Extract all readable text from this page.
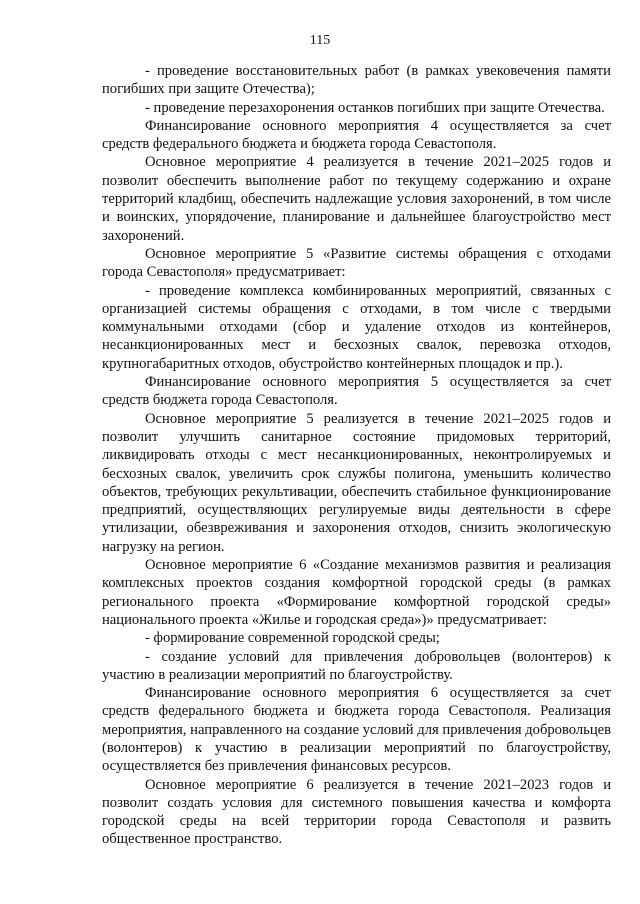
115

- проведение восстановительных работ (в рамках увековечения памяти погибших при защите Отечества);

- проведение перезахоронения останков погибших при защите Отечества.

Финансирование основного мероприятия 4 осуществляется за счет средств федерального бюджета и бюджета города Севастополя.

Основное мероприятие 4 реализуется в течение 2021–2025 годов и позволит обеспечить выполнение работ по текущему содержанию и охране территорий кладбищ, обеспечить надлежащие условия захоронений, в том числе и воинских, упорядочение, планирование и дальнейшее благоустройство мест захоронений.

Основное мероприятие 5 «Развитие системы обращения с отходами города Севастополя» предусматривает:

- проведение комплекса комбинированных мероприятий, связанных с организацией системы обращения с отходами, в том числе с твердыми коммунальными отходами (сбор и удаление отходов из контейнеров, несанкционированных мест и бесхозных свалок, перевозка отходов, крупногабаритных отходов, обустройство контейнерных площадок и пр.).

Финансирование основного мероприятия 5 осуществляется за счет средств бюджета города Севастополя.

Основное мероприятие 5 реализуется в течение 2021–2025 годов и позволит улучшить санитарное состояние придомовых территорий, ликвидировать отходы с мест несанкционированных, неконтролируемых и бесхозных свалок, увеличить срок службы полигона, уменьшить количество объектов, требующих рекультивации, обеспечить стабильное функционирование предприятий, осуществляющих регулируемые виды деятельности в сфере утилизации, обезвреживания и захоронения отходов, снизить экологическую нагрузку на регион.

Основное мероприятие 6 «Создание механизмов развития и реализация комплексных проектов создания комфортной городской среды (в рамках регионального проекта «Формирование комфортной городской среды» национального проекта «Жилье и городская среда»)» предусматривает:

- формирование современной городской среды;

- создание условий для привлечения добровольцев (волонтеров) к участию в реализации мероприятий по благоустройству.

Финансирование основного мероприятия 6 осуществляется за счет средств федерального бюджета и бюджета города Севастополя. Реализация мероприятия, направленного на создание условий для привлечения добровольцев (волонтеров) к участию в реализации мероприятий по благоустройству, осуществляется без привлечения финансовых ресурсов.

Основное мероприятие 6 реализуется в течение 2021–2023 годов и позволит создать условия для системного повышения качества и комфорта городской среды на всей территории города Севастополя и развить общественное пространство.
